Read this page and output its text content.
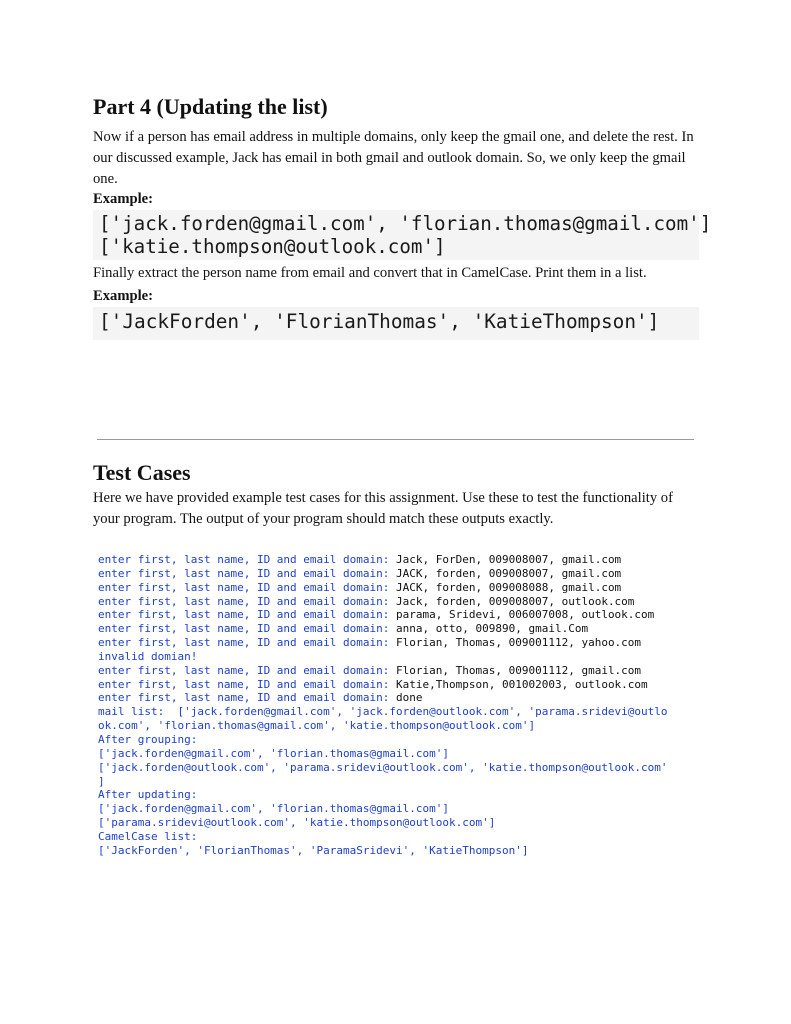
Part 4 (Updating the list)

Now if a person has email address in multiple domains, only keep the gmail one, and delete the rest. In our discussed example, Jack has email in both gmail and outlook domain. So, we only keep the gmail one.

Example:

['jack.forden@gmail.com', 'florian.thomas@gmail.com']
['katie.thompson@outlook.com']

Finally extract the person name from email and convert that in CamelCase. Print them in a list.

Example:

['JackForden', 'FlorianThomas', 'KatieThompson']
Test Cases

Here we have provided example test cases for this assignment. Use these to test the functionality of your program. The output of your program should match these outputs exactly.

enter first, last name, ID and email domain: Jack, ForDen, 009008007, gmail.com
enter first, last name, ID and email domain: JACK, forden, 009008007, gmail.com
enter first, last name, ID and email domain: JACK, forden, 009008088, gmail.com
enter first, last name, ID and email domain: Jack, forden, 009008007, outlook.com
enter first, last name, ID and email domain: parama, Sridevi, 006007008, outlook.com
enter first, last name, ID and email domain: anna, otto, 009890, gmail.Com
enter first, last name, ID and email domain: Florian, Thomas, 009001112, yahoo.com
invalid domian!
enter first, last name, ID and email domain: Florian, Thomas, 009001112, gmail.com
enter first, last name, ID and email domain: Katie,Thompson, 001002003, outlook.com
enter first, last name, ID and email domain: done
mail list:  ['jack.forden@gmail.com', 'jack.forden@outlook.com', 'parama.sridevi@outlo
ok.com', 'florian.thomas@gmail.com', 'katie.thompson@outlook.com']
After grouping:
['jack.forden@gmail.com', 'florian.thomas@gmail.com']
['jack.forden@outlook.com', 'parama.sridevi@outlook.com', 'katie.thompson@outlook.com'
]
After updating:
['jack.forden@gmail.com', 'florian.thomas@gmail.com']
['parama.sridevi@outlook.com', 'katie.thompson@outlook.com']
CamelCase list:
['JackForden', 'FlorianThomas', 'ParamaSridevi', 'KatieThompson']
